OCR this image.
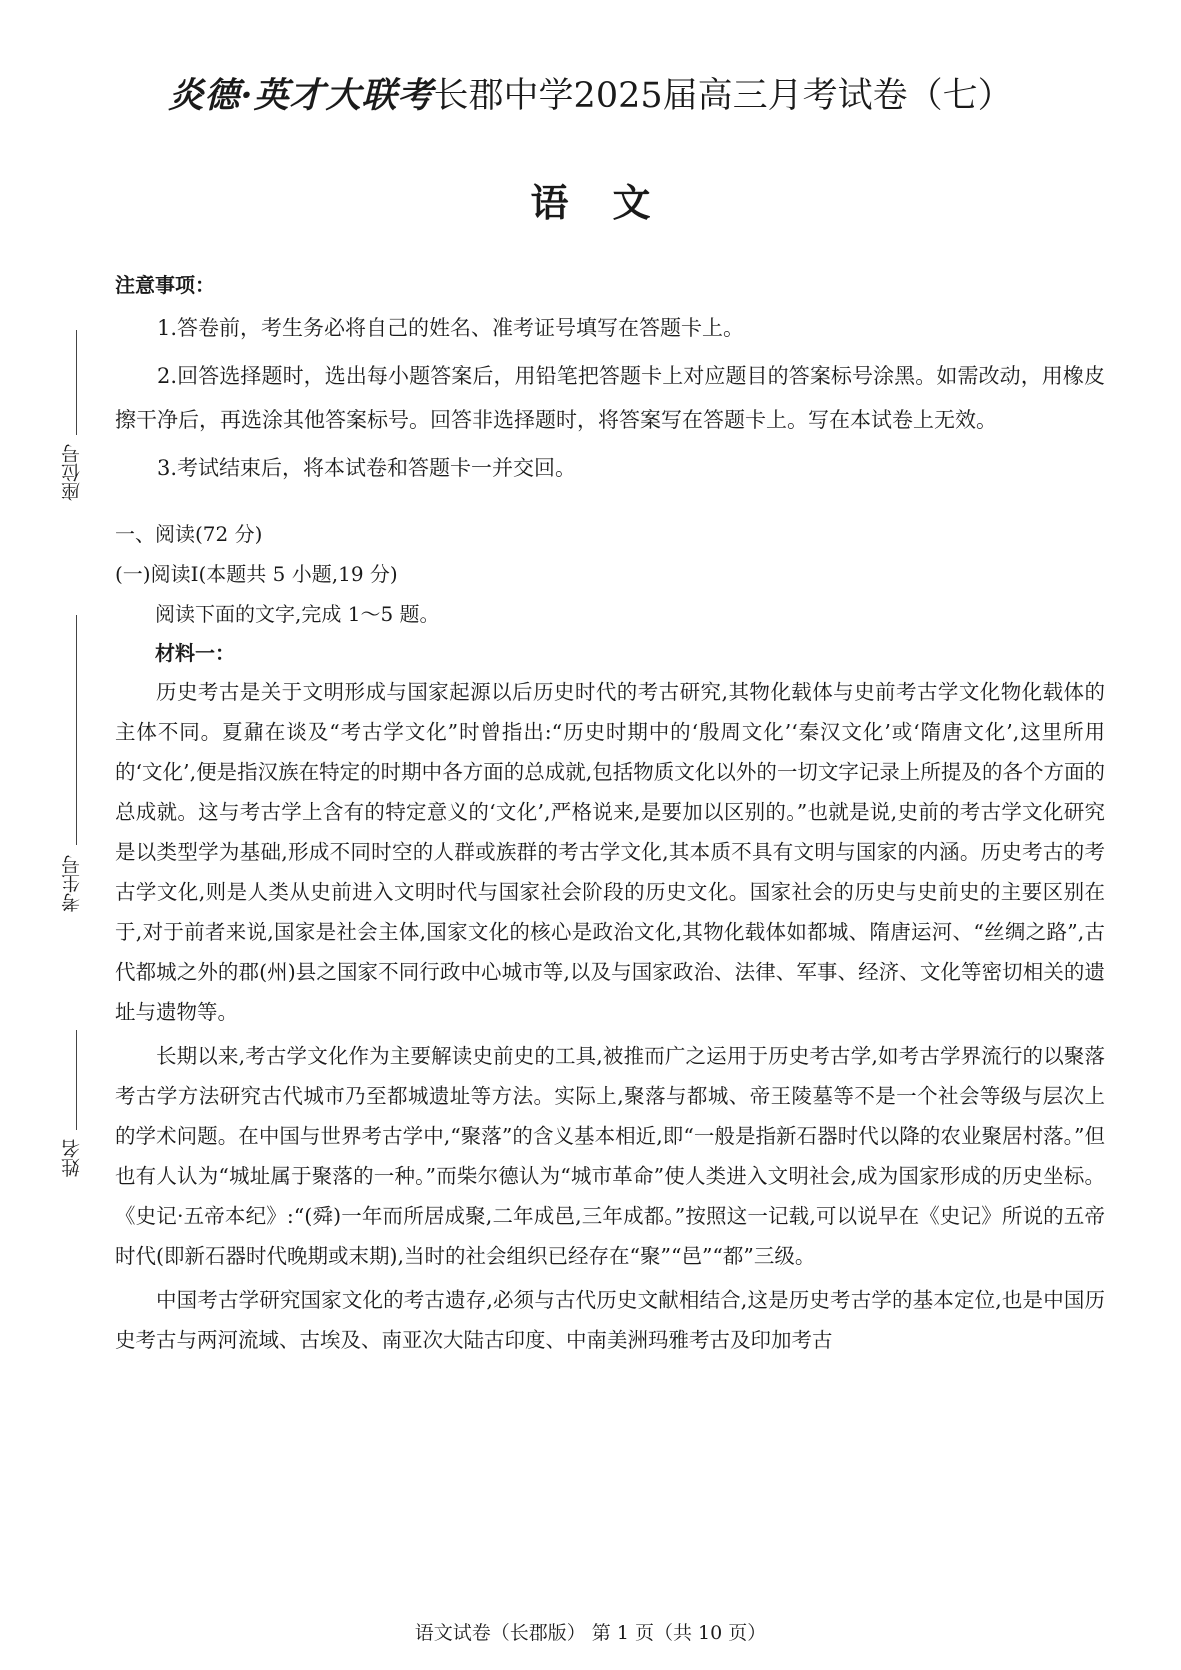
炎德·英才大联考长郡中学2025届高三月考试卷（七）
语文
座位号
考生号
姓名
注意事项：

1.答卷前，考生务必将自己的姓名、准考证号填写在答题卡上。

2.回答选择题时，选出每小题答案后，用铅笔把答题卡上对应题目的答案标号涂黑。如需改动，用橡皮擦干净后，再选涂其他答案标号。回答非选择题时，将答案写在答题卡上。写在本试卷上无效。

3.考试结束后，将本试卷和答题卡一并交回。

一、阅读(72 分)
(一)阅读Ⅰ(本题共 5 小题,19 分)
阅读下面的文字,完成 1～5 题。
材料一：

历史考古是关于文明形成与国家起源以后历史时代的考古研究,其物化载体与史前考古学文化物化载体的主体不同。夏鼐在谈及“考古学文化”时曾指出:“历史时期中的‘殷周文化’‘秦汉文化’或‘隋唐文化’,这里所用的‘文化’,便是指汉族在特定的时期中各方面的总成就,包括物质文化以外的一切文字记录上所提及的各个方面的总成就。这与考古学上含有的特定意义的‘文化’,严格说来,是要加以区别的。”也就是说,史前的考古学文化研究是以类型学为基础,形成不同时空的人群或族群的考古学文化,其本质不具有文明与国家的内涵。历史考古的考古学文化,则是人类从史前进入文明时代与国家社会阶段的历史文化。国家社会的历史与史前史的主要区别在于,对于前者来说,国家是社会主体,国家文化的核心是政治文化,其物化载体如都城、隋唐运河、“丝绸之路”,古代都城之外的郡(州)县之国家不同行政中心城市等,以及与国家政治、法律、军事、经济、文化等密切相关的遗址与遗物等。

长期以来,考古学文化作为主要解读史前史的工具,被推而广之运用于历史考古学,如考古学界流行的以聚落考古学方法研究古代城市乃至都城遗址等方法。实际上,聚落与都城、帝王陵墓等不是一个社会等级与层次上的学术问题。在中国与世界考古学中,“聚落”的含义基本相近,即“一般是指新石器时代以降的农业聚居村落。”但也有人认为“城址属于聚落的一种。”而柴尔德认为“城市革命”使人类进入文明社会,成为国家形成的历史坐标。《史记·五帝本纪》:“(舜)一年而所居成聚,二年成邑,三年成都。”按照这一记载,可以说早在《史记》所说的五帝时代(即新石器时代晚期或末期),当时的社会组织已经存在“聚”“邑”“都”三级。

中国考古学研究国家文化的考古遗存,必须与古代历史文献相结合,这是历史考古学的基本定位,也是中国历史考古与两河流域、古埃及、南亚次大陆古印度、中南美洲玛雅考古及印加考古

语文试卷（长郡版） 第 1 页（共 10 页）
